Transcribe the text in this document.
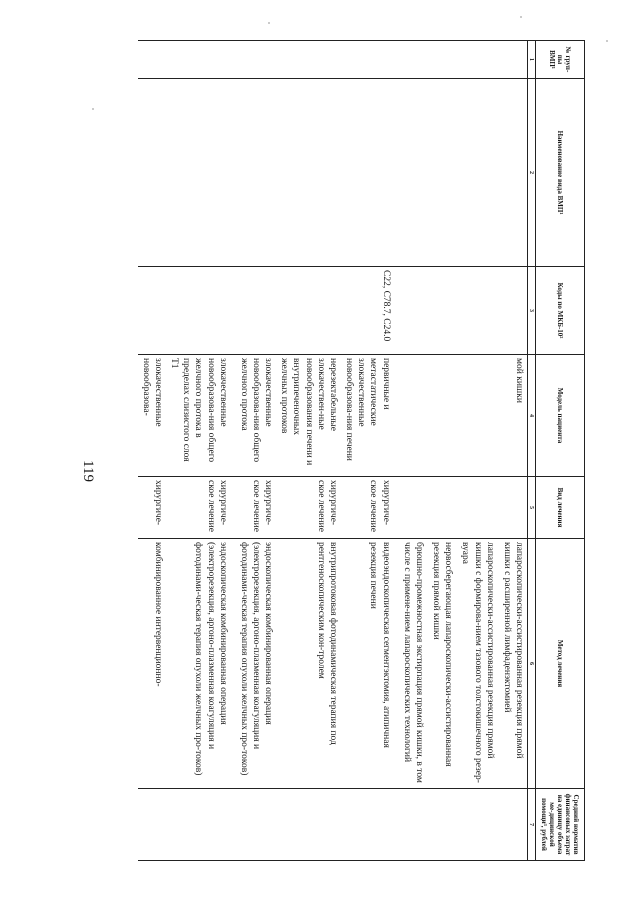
119
№ груп-
пы
ВМП¹	Наименование вида ВМП¹	Коды по МКБ-10²	Модель пациента	Вид лечения	Метод лечения	Средний норматив финансовых затрат на единицу объема ме-дицинской помощи³, рублей
1	2	3	4	5	6	7
			мой кишки		лапароскопически-ассистированная резекция прямой кишки с расширенной лимфаденэктомией
лапароскопически-ассистированная резекция прямой кишки с формирова-нием тазового толстокишечного резер-вуара
нервосберегающая лапароскопически-ассистированная резекция прямой кишки
брюшно-промежностная экстирпация прямой кишки, в том числе с примене-нием лапароскопических технологий	

		C22, C78.7, C24.0	первичные и метастатические злокачественные новообразова-ния печени	хирургиче-ское лечение	видеоэндоскопическая сегментэктомия, атипичная резекция печени	

			нерезектабельные злокачествен-ные новообразования печени и внутрипеченочных желчных протоков	хирургиче-ское лечение	внутрипротоковая фотодинамическая терапия под рентгеноскопическим кон-тролем	

			злокачественные новообразова-ния общего желчного протока	хирургиче-ское лечение	эндоскопическая комбинированная операция (электрорезекция, аргоно-плазменная коагуляция и фотодинами-ческая терапия опухоли желчных про-токов)	

			злокачественные новообразова-ния общего желчного протока в пределах слизистого слоя T1	хирургиче-ское лечение	эндоскопическая комбинированная операция (электрорезекция, аргоно-плазменная коагуляция и фотодинами-ческая терапия опухоли желчных про-токов)	

			злокачественные новообразова-	хирургиче-	комбинированное интервенционно-	
